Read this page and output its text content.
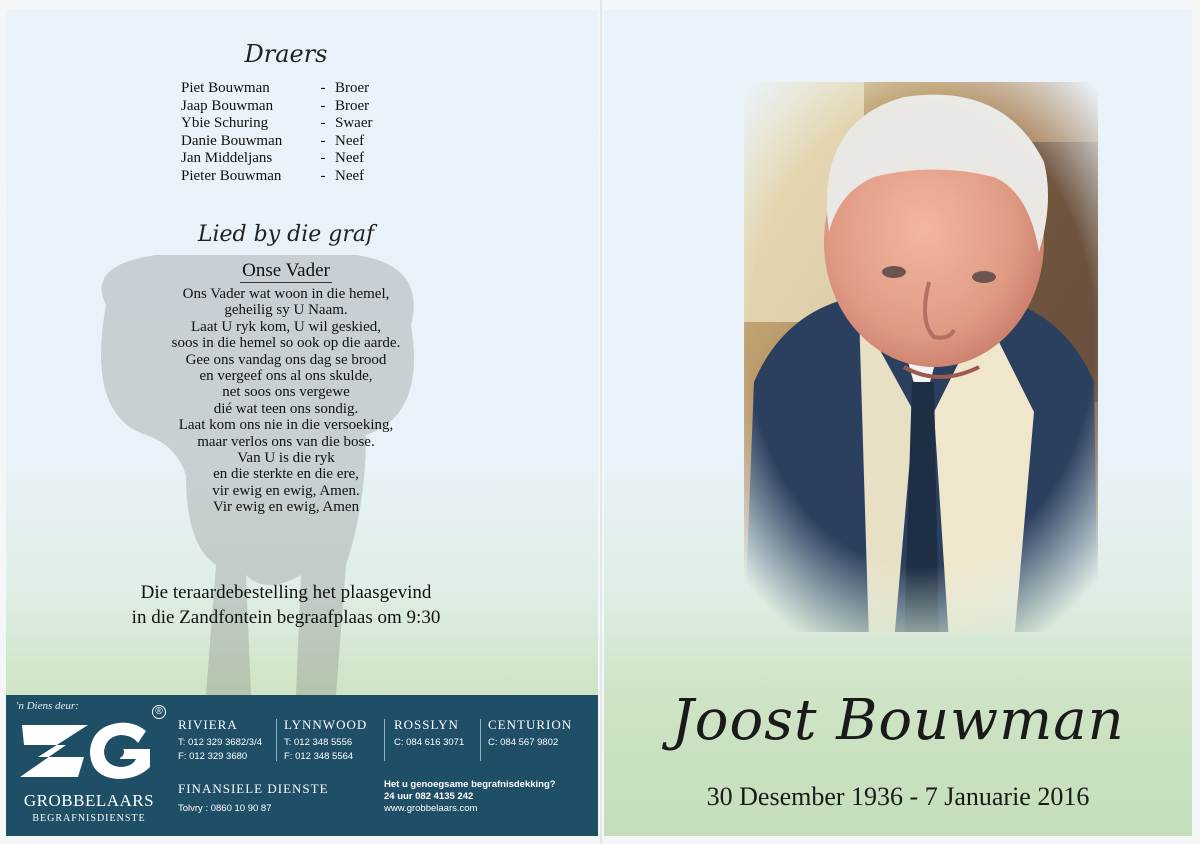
Draers
Piet Bouwman	-	Broer
Jaap Bouwman	-	Broer
Ybie Schuring	-	Swaer
Danie Bouwman	-	Neef
Jan Middeljans	-	Neef
Pieter Bouwman	-	Neef
Lied by die graf
Onse Vader
Ons Vader wat woon in die hemel,
geheilig sy U Naam.
Laat U ryk kom, U wil geskied,
soos in die hemel so ook op die aarde.
Gee ons vandag ons dag se brood
en vergeef ons al ons skulde,
net soos ons vergewe
dié wat teen ons sondig.
Laat kom ons nie in die versoeking,
maar verlos ons van die bose.
Van U is die ryk
en die sterkte en die ere,
vir ewig en ewig, Amen.
Vir ewig en ewig, Amen
Die teraardebestelling het plaasgevind
in die Zandfontein begraafplaas om 9:30
'n Diens deur:	®
GROBBELAARS
BEGRAFNISDIENSTE
RIVIERA
T: 012 329 3682/3/4
F: 012 329 3680
LYNNWOOD
T: 012 348 5556
F: 012 348 5564
ROSSLYN
C: 084 616 3071
CENTURION
C: 084 567 9802
FINANSIELE DIENSTE
Tolvry : 0860 10 90 87
Het u genoegsame begrafnisdekking?
24 uur 082 4135 242
www.grobbelaars.com
Joost Bouwman
30 Desember 1936 - 7 Januarie 2016
